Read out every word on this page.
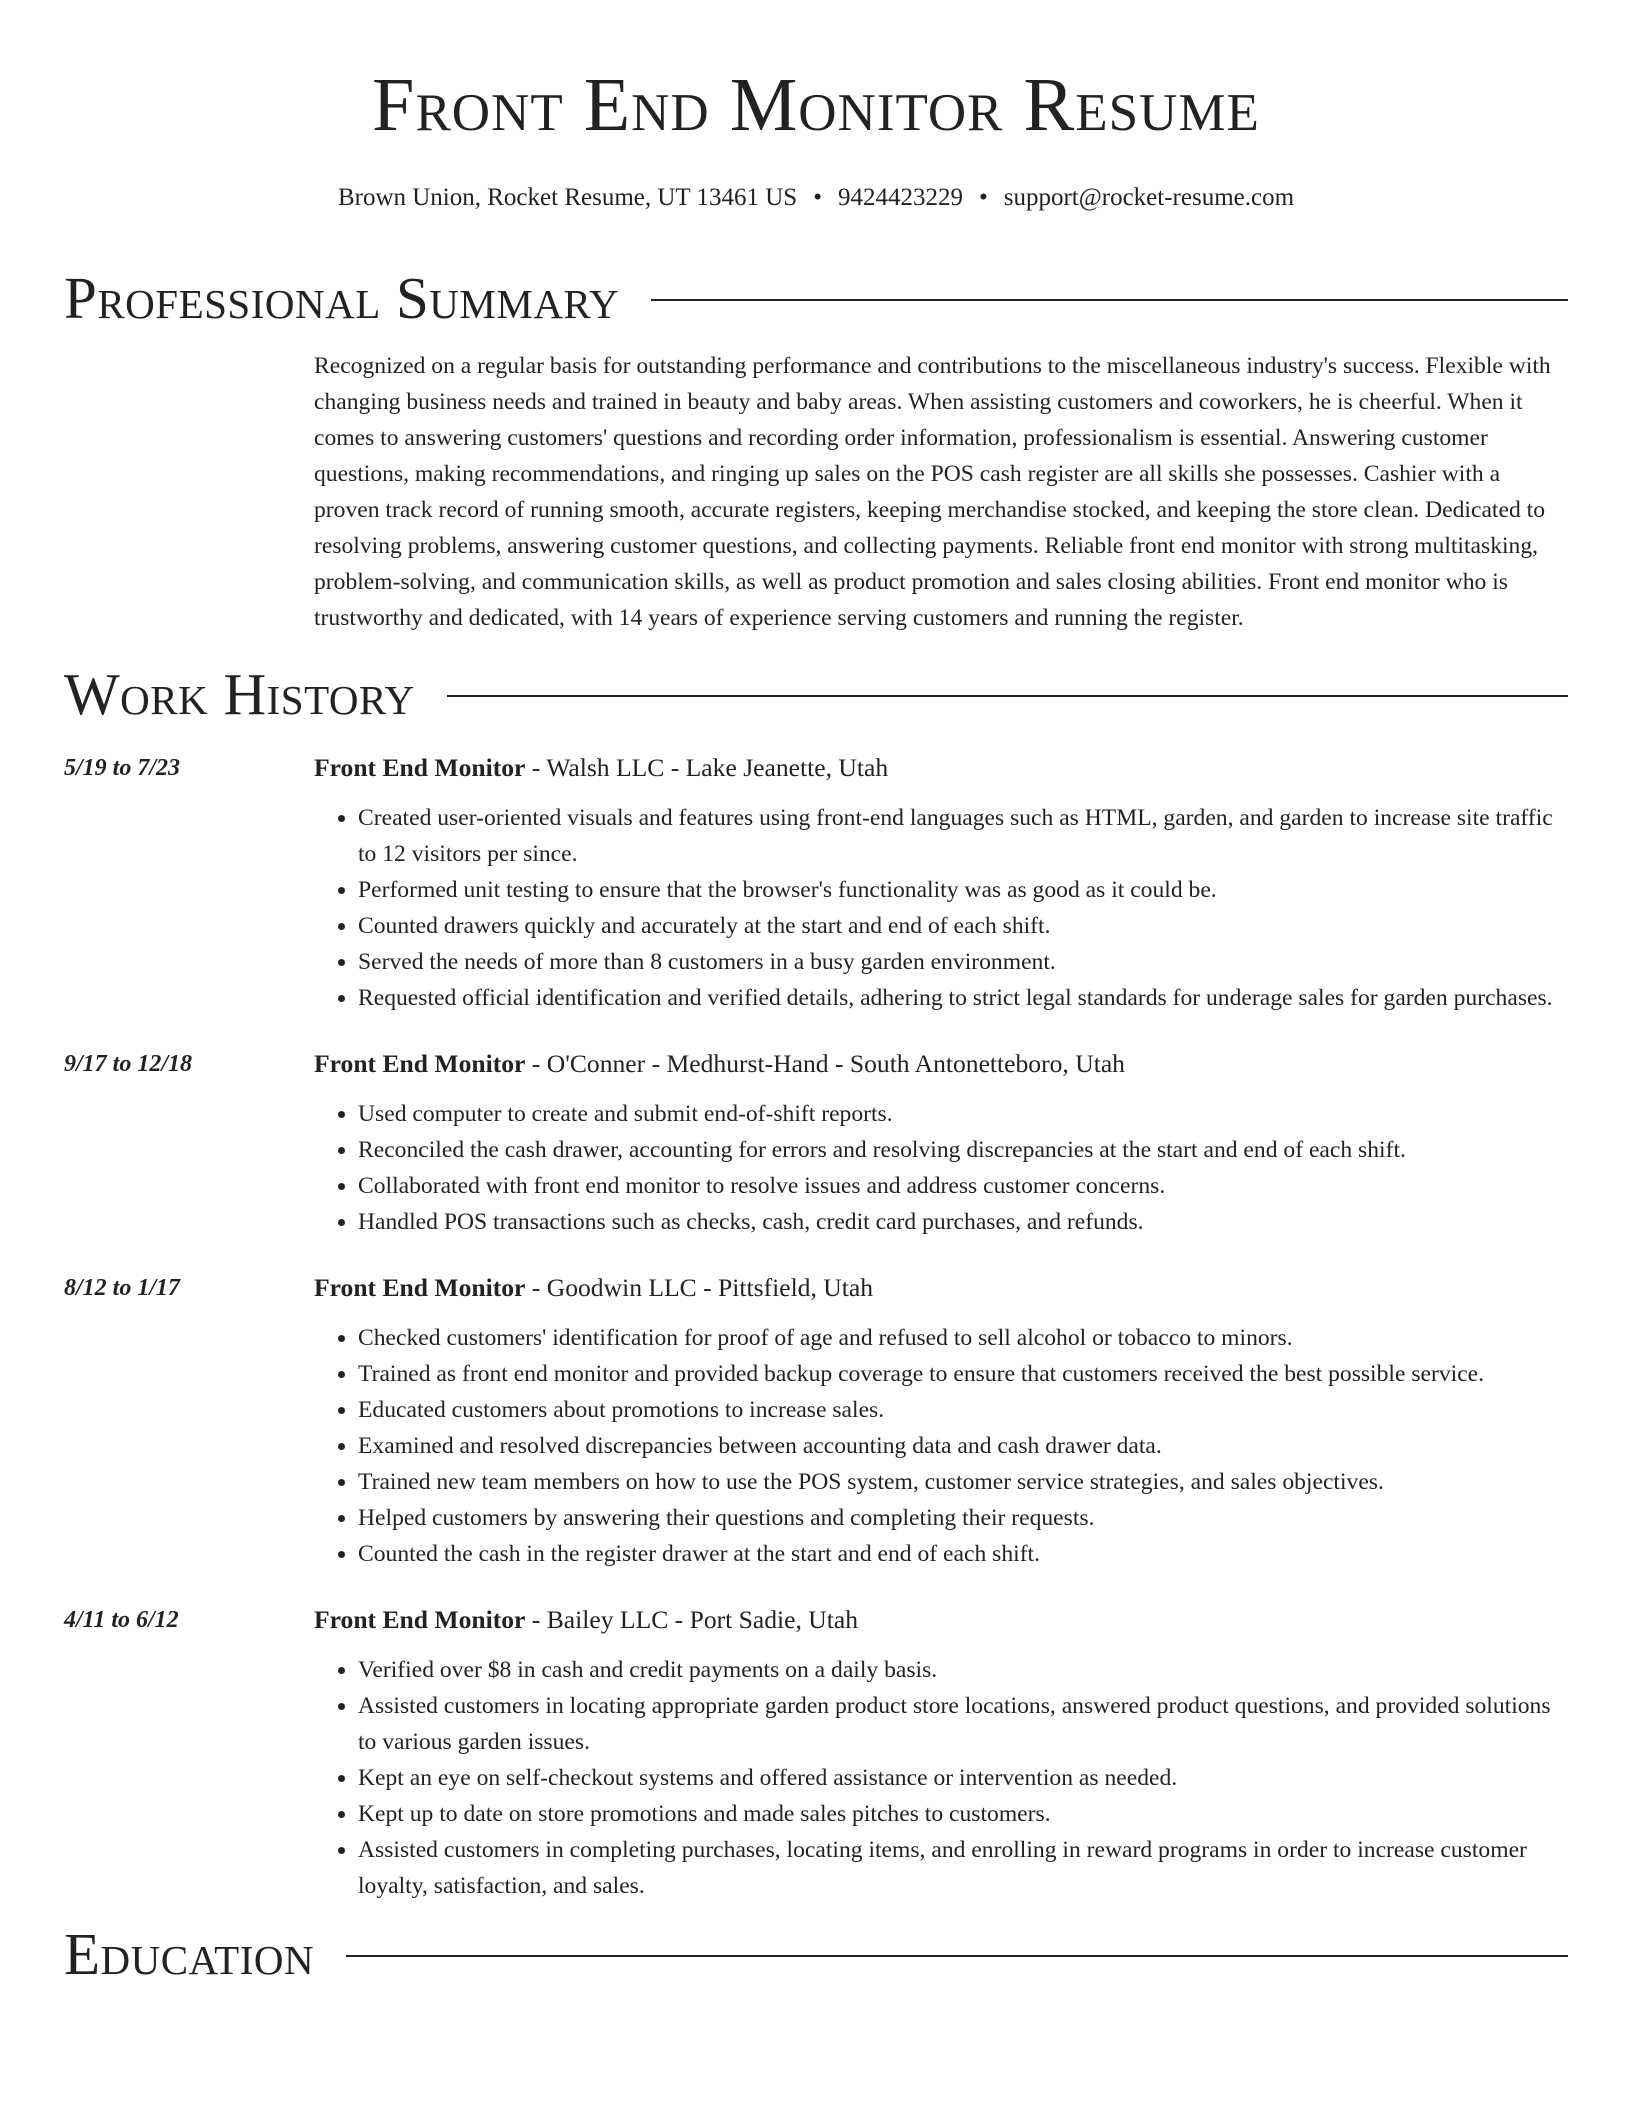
Front End Monitor Resume
Brown Union, Rocket Resume, UT 13461 US • 9424423229 • support@rocket-resume.com
Professional Summary
Recognized on a regular basis for outstanding performance and contributions to the miscellaneous industry's success. Flexible with changing business needs and trained in beauty and baby areas. When assisting customers and coworkers, he is cheerful. When it comes to answering customers' questions and recording order information, professionalism is essential. Answering customer questions, making recommendations, and ringing up sales on the POS cash register are all skills she possesses. Cashier with a proven track record of running smooth, accurate registers, keeping merchandise stocked, and keeping the store clean. Dedicated to resolving problems, answering customer questions, and collecting payments. Reliable front end monitor with strong multitasking, problem-solving, and communication skills, as well as product promotion and sales closing abilities. Front end monitor who is trustworthy and dedicated, with 14 years of experience serving customers and running the register.
Work History
5/19 to 7/23	Front End Monitor - Walsh LLC - Lake Jeanette, Utah
• Created user-oriented visuals and features using front-end languages such as HTML, garden, and garden to increase site traffic to 12 visitors per since.
• Performed unit testing to ensure that the browser's functionality was as good as it could be.
• Counted drawers quickly and accurately at the start and end of each shift.
• Served the needs of more than 8 customers in a busy garden environment.
• Requested official identification and verified details, adhering to strict legal standards for underage sales for garden purchases.
9/17 to 12/18	Front End Monitor - O'Conner - Medhurst-Hand - South Antonetteboro, Utah
• Used computer to create and submit end-of-shift reports.
• Reconciled the cash drawer, accounting for errors and resolving discrepancies at the start and end of each shift.
• Collaborated with front end monitor to resolve issues and address customer concerns.
• Handled POS transactions such as checks, cash, credit card purchases, and refunds.
8/12 to 1/17	Front End Monitor - Goodwin LLC - Pittsfield, Utah
• Checked customers' identification for proof of age and refused to sell alcohol or tobacco to minors.
• Trained as front end monitor and provided backup coverage to ensure that customers received the best possible service.
• Educated customers about promotions to increase sales.
• Examined and resolved discrepancies between accounting data and cash drawer data.
• Trained new team members on how to use the POS system, customer service strategies, and sales objectives.
• Helped customers by answering their questions and completing their requests.
• Counted the cash in the register drawer at the start and end of each shift.
4/11 to 6/12	Front End Monitor - Bailey LLC - Port Sadie, Utah
• Verified over $8 in cash and credit payments on a daily basis.
• Assisted customers in locating appropriate garden product store locations, answered product questions, and provided solutions to various garden issues.
• Kept an eye on self-checkout systems and offered assistance or intervention as needed.
• Kept up to date on store promotions and made sales pitches to customers.
• Assisted customers in completing purchases, locating items, and enrolling in reward programs in order to increase customer loyalty, satisfaction, and sales.
Education
